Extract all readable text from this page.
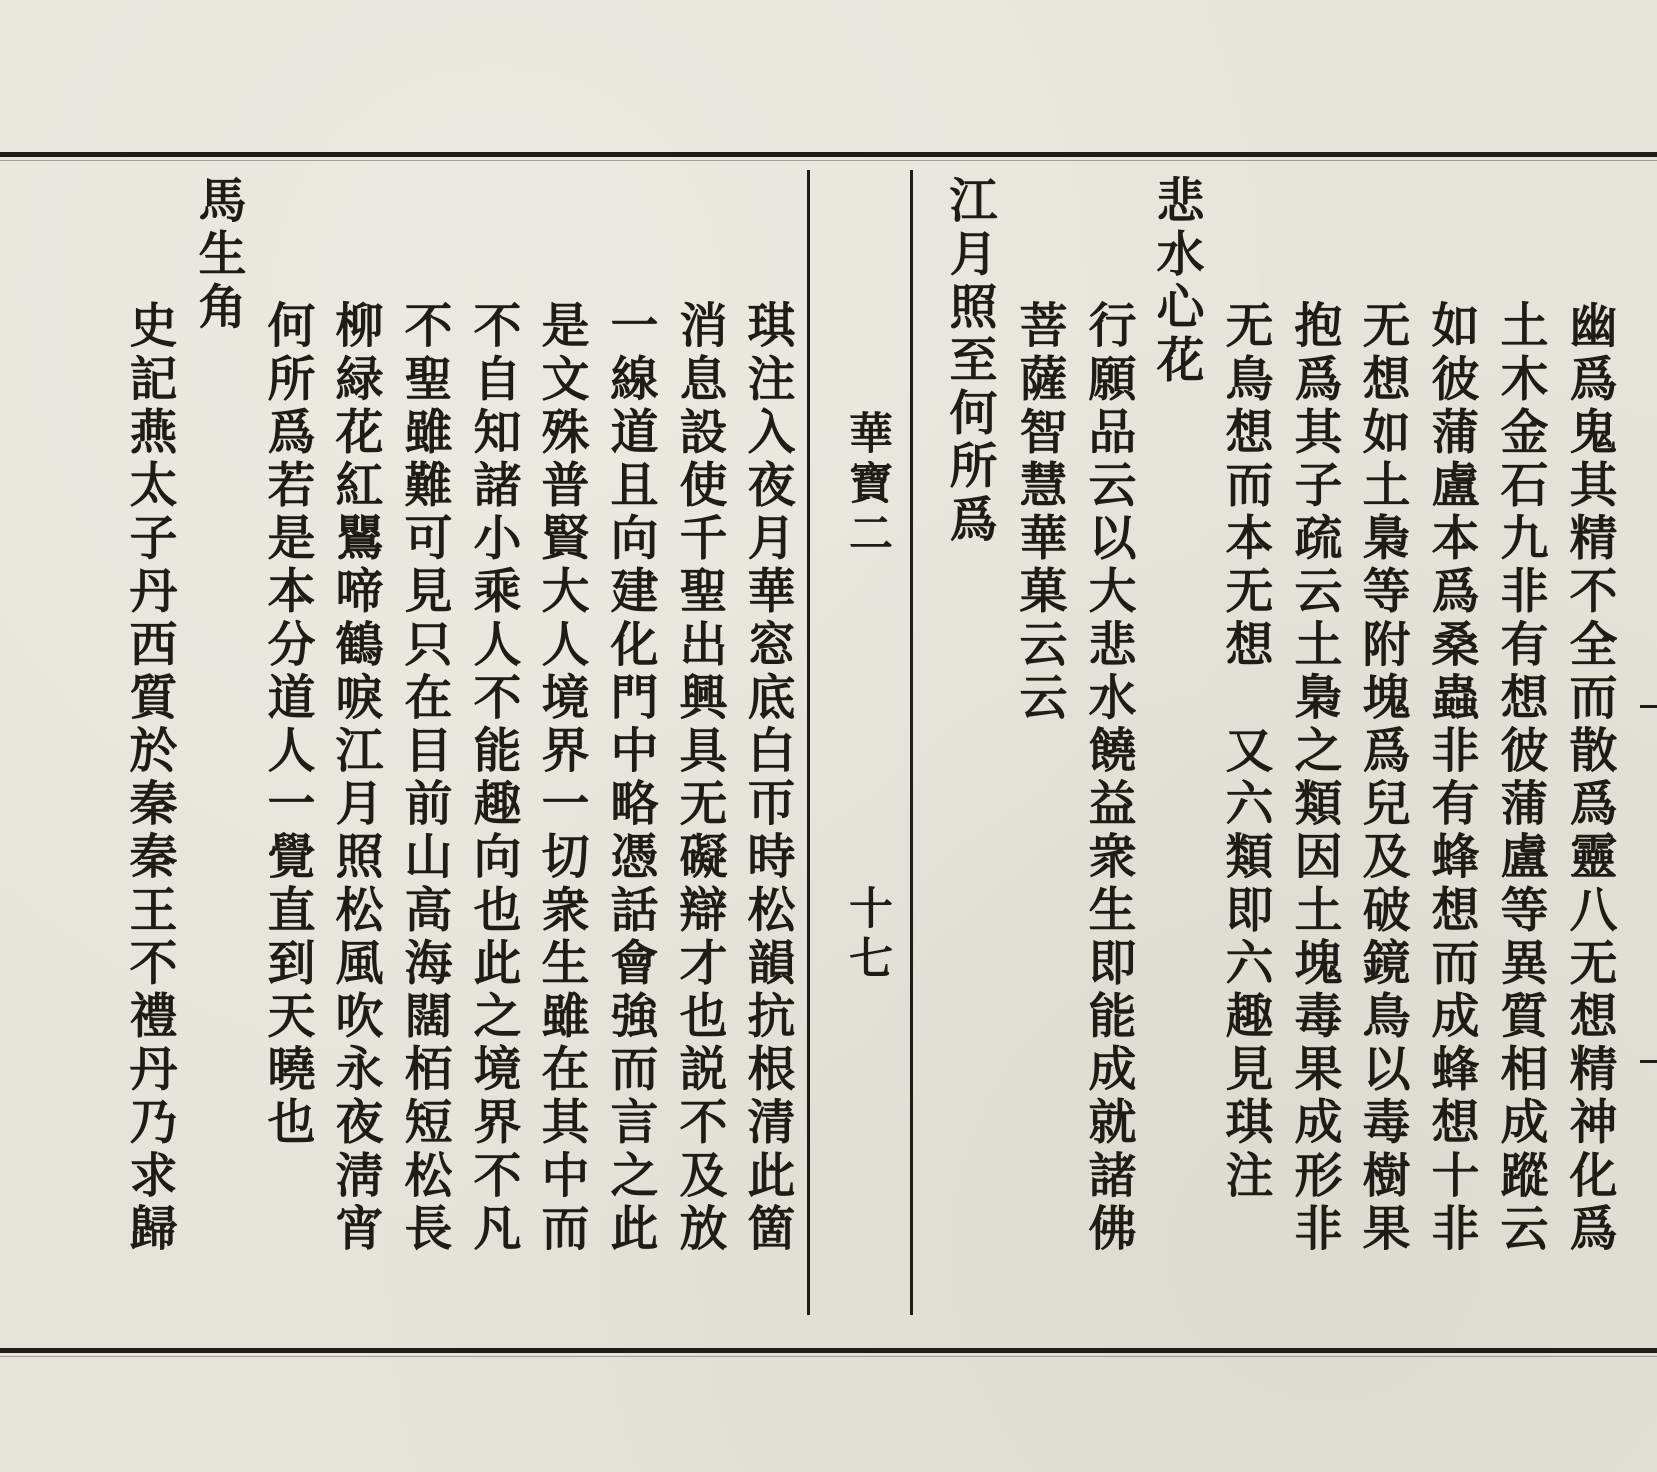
幽爲鬼其精不全而散爲靈八无想精神化爲
土木金石九非有想彼蒲盧等異質相成蹤云
如彼蒲盧本爲桑蟲非有蜂想而成蜂想十非
无想如土梟等附塊爲兒及破鏡鳥以毒樹果
抱爲其子疏云土梟之類因土塊毒果成形非
无鳥想而本无想　又六類即六趣見琪注
悲水心花
行願品云以大悲水饒益衆生即能成就諸佛
菩薩智慧華菓云云
江月照至何所爲
華寶二
十七
琪注入夜月華窓底白帀時松韻抗根清此箇
消息設使千聖出興具无礙辯才也説不及放
一線道且向建化門中略憑話會強而言之此
是文殊普賢大人境界一切衆生雖在其中而
不自知諸小乘人不能趣向也此之境界不凡
不聖雖難可見只在目前山高海闊栢短松長
柳緑花紅鸎啼鶴唳江月照松風吹永夜淸宵
何所爲若是本分道人一覺直到天曉也
馬生角
史記燕太子丹西質於秦秦王不禮丹乃求歸
